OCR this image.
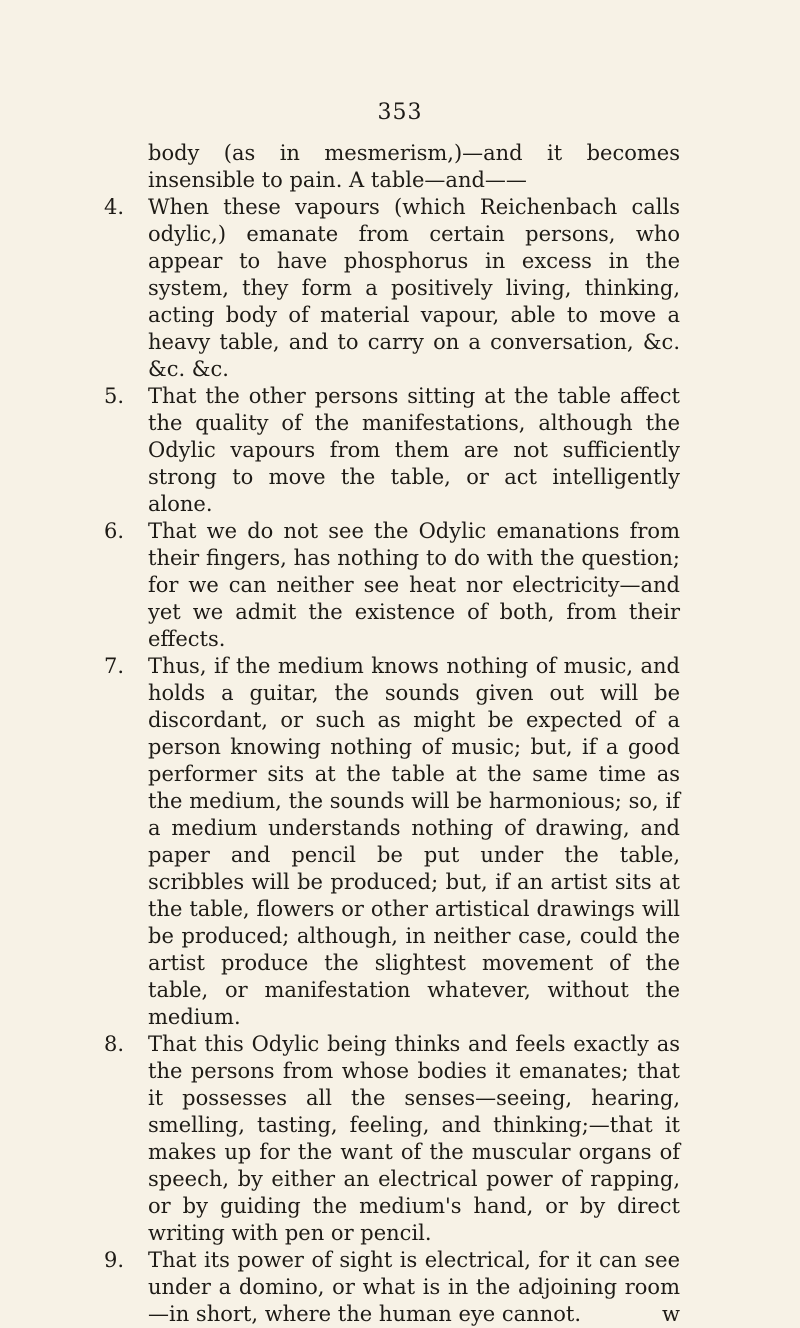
353

body (as in mesmerism,)—and it becomes insensible to pain. A table—and——

4.	When these vapours (which Reichenbach calls odylic,) emanate from certain persons, who appear to have phosphorus in excess in the system, they form a positively living, thinking, acting body of material vapour, able to move a heavy table, and to carry on a conversation, &c. &c. &c.

5.	That the other persons sitting at the table affect the quality of the manifestations, although the Odylic vapours from them are not sufficiently strong to move the table, or act intelligently alone.

6.	That we do not see the Odylic emanations from their fingers, has nothing to do with the question; for we can neither see heat nor electricity—and yet we admit the existence of both, from their effects.

7.	Thus, if the medium knows nothing of music, and holds a guitar, the sounds given out will be discordant, or such as might be expected of a person knowing nothing of music; but, if a good performer sits at the table at the same time as the medium, the sounds will be harmonious; so, if a medium understands nothing of drawing, and paper and pencil be put under the table, scribbles will be produced; but, if an artist sits at the table, flowers or other artistical drawings will be produced; although, in neither case, could the artist produce the slightest movement of the table, or manifestation whatever, without the medium.

8.	That this Odylic being thinks and feels exactly as the persons from whose bodies it emanates; that it possesses all the senses—seeing, hearing, smelling, tasting, feeling, and thinking;—that it makes up for the want of the muscular organs of speech, by either an electrical power of rapping, or by guiding the medium's hand, or by direct writing with pen or pencil.

9.	That its power of sight is electrical, for it can see under a domino, or what is in the adjoining room—in short, where the human eye cannot.	w
